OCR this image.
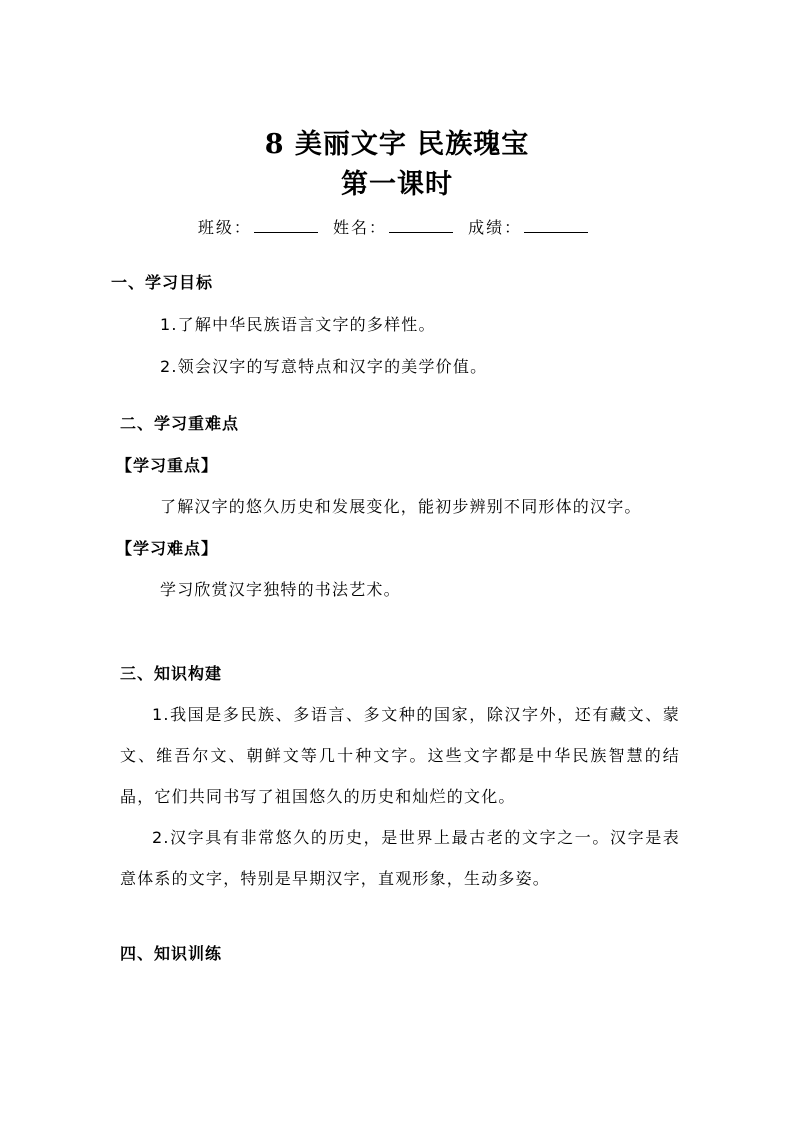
8 美丽文字 民族瑰宝
第一课时
班级：	姓名：	成绩：
一、学习目标
1.了解中华民族语言文字的多样性。
2.领会汉字的写意特点和汉字的美学价值。
二、学习重难点
【学习重点】
了解汉字的悠久历史和发展变化，能初步辨别不同形体的汉字。
【学习难点】
学习欣赏汉字独特的书法艺术。
三、知识构建
1.我国是多民族、多语言、多文种的国家，除汉字外，还有藏文、蒙文、维吾尔文、朝鲜文等几十种文字。这些文字都是中华民族智慧的结晶，它们共同书写了祖国悠久的历史和灿烂的文化。
2.汉字具有非常悠久的历史，是世界上最古老的文字之一。汉字是表意体系的文字，特别是早期汉字，直观形象，生动多姿。
四、知识训练
